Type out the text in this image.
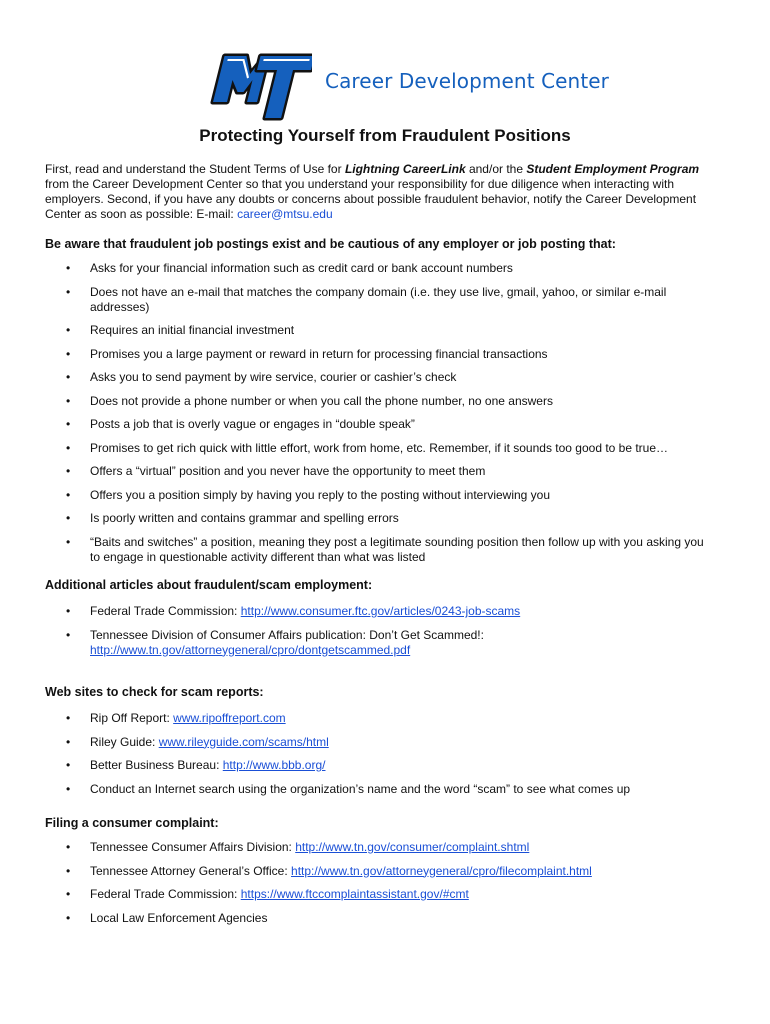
Career Development Center
Protecting Yourself from Fraudulent Positions

First, read and understand the Student Terms of Use for Lightning CareerLink and/or the Student Employment Program from the Career Development Center so that you understand your responsibility for due diligence when interacting with employers. Second, if you have any doubts or concerns about possible fraudulent behavior, notify the Career Development Center as soon as possible: E-mail: career@mtsu.edu

Be aware that fraudulent job postings exist and be cautious of any employer or job posting that:

• Asks for your financial information such as credit card or bank account numbers
• Does not have an e-mail that matches the company domain (i.e. they use live, gmail, yahoo, or similar e-mail addresses)
• Requires an initial financial investment
• Promises you a large payment or reward in return for processing financial transactions
• Asks you to send payment by wire service, courier or cashier’s check
• Does not provide a phone number or when you call the phone number, no one answers
• Posts a job that is overly vague or engages in “double speak”
• Promises to get rich quick with little effort, work from home, etc. Remember, if it sounds too good to be true…
• Offers a “virtual” position and you never have the opportunity to meet them
• Offers you a position simply by having you reply to the posting without interviewing you
• Is poorly written and contains grammar and spelling errors
• “Baits and switches” a position, meaning they post a legitimate sounding position then follow up with you asking you to engage in questionable activity different than what was listed

Additional articles about fraudulent/scam employment:

• Federal Trade Commission: http://www.consumer.ftc.gov/articles/0243-job-scams
• Tennessee Division of Consumer Affairs publication: Don’t Get Scammed!: http://www.tn.gov/attorneygeneral/cpro/dontgetscammed.pdf

Web sites to check for scam reports:

• Rip Off Report: www.ripoffreport.com
• Riley Guide: www.rileyguide.com/scams/html
• Better Business Bureau: http://www.bbb.org/
• Conduct an Internet search using the organization’s name and the word “scam” to see what comes up

Filing a consumer complaint:

• Tennessee Consumer Affairs Division: http://www.tn.gov/consumer/complaint.shtml
• Tennessee Attorney General’s Office: http://www.tn.gov/attorneygeneral/cpro/filecomplaint.html
• Federal Trade Commission: https://www.ftccomplaintassistant.gov/#cmt
• Local Law Enforcement Agencies
